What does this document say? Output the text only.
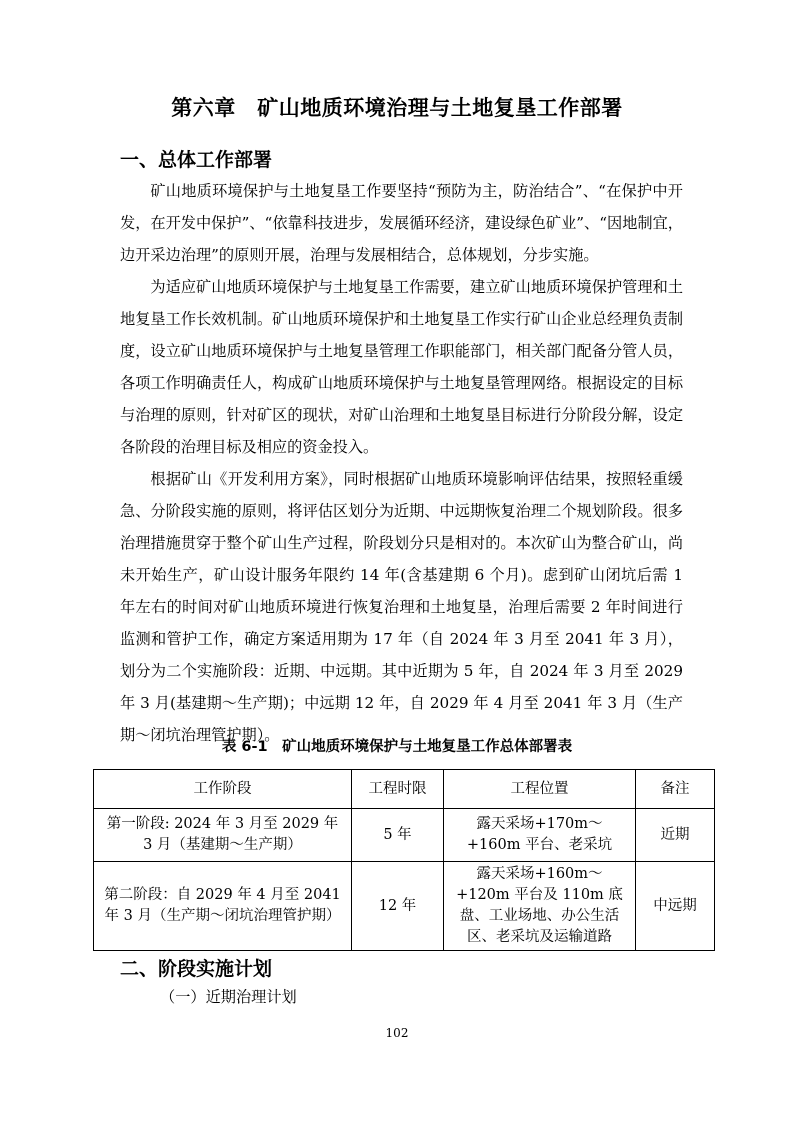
第六章　矿山地质环境治理与土地复垦工作部署
一、总体工作部署

矿山地质环境保护与土地复垦工作要坚持“预防为主，防治结合”、“在保护中开发，在开发中保护”、“依靠科技进步，发展循环经济，建设绿色矿业”、“因地制宜，边开采边治理”的原则开展，治理与发展相结合，总体规划，分步实施。

为适应矿山地质环境保护与土地复垦工作需要，建立矿山地质环境保护管理和土地复垦工作长效机制。矿山地质环境保护和土地复垦工作实行矿山企业总经理负责制度，设立矿山地质环境保护与土地复垦管理工作职能部门，相关部门配备分管人员，各项工作明确责任人，构成矿山地质环境保护与土地复垦管理网络。根据设定的目标与治理的原则，针对矿区的现状，对矿山治理和土地复垦目标进行分阶段分解，设定各阶段的治理目标及相应的资金投入。

根据矿山《开发利用方案》，同时根据矿山地质环境影响评估结果，按照轻重缓急、分阶段实施的原则，将评估区划分为近期、中远期恢复治理二个规划阶段。很多治理措施贯穿于整个矿山生产过程，阶段划分只是相对的。本次矿山为整合矿山，尚未开始生产，矿山设计服务年限约 14 年(含基建期 6 个月)。虑到矿山闭坑后需 1 年左右的时间对矿山地质环境进行恢复治理和土地复垦，治理后需要 2 年时间进行监测和管护工作，确定方案适用期为 17 年（自 2024 年 3 月至 2041 年 3 月），划分为二个实施阶段：近期、中远期。其中近期为 5 年，自 2024 年 3 月至 2029 年 3 月(基建期～生产期)；中远期 12 年，自 2029 年 4 月至 2041 年 3 月（生产期～闭坑治理管护期）。

表 6-1　矿山地质环境保护与土地复垦工作总体部署表
工作阶段	工程时限	工程位置	备注
第一阶段: 2024 年 3 月至 2029 年 3 月（基建期～生产期）	5 年	露天采场+170m～+160m 平台、老采坑	近期
第二阶段：自 2029 年 4 月至 2041 年 3 月（生产期～闭坑治理管护期）	12 年	露天采场+160m～+120m 平台及 110m 底盘、工业场地、办公生活区、老采坑及运输道路	中远期
二、阶段实施计划
（一）近期治理计划
102
